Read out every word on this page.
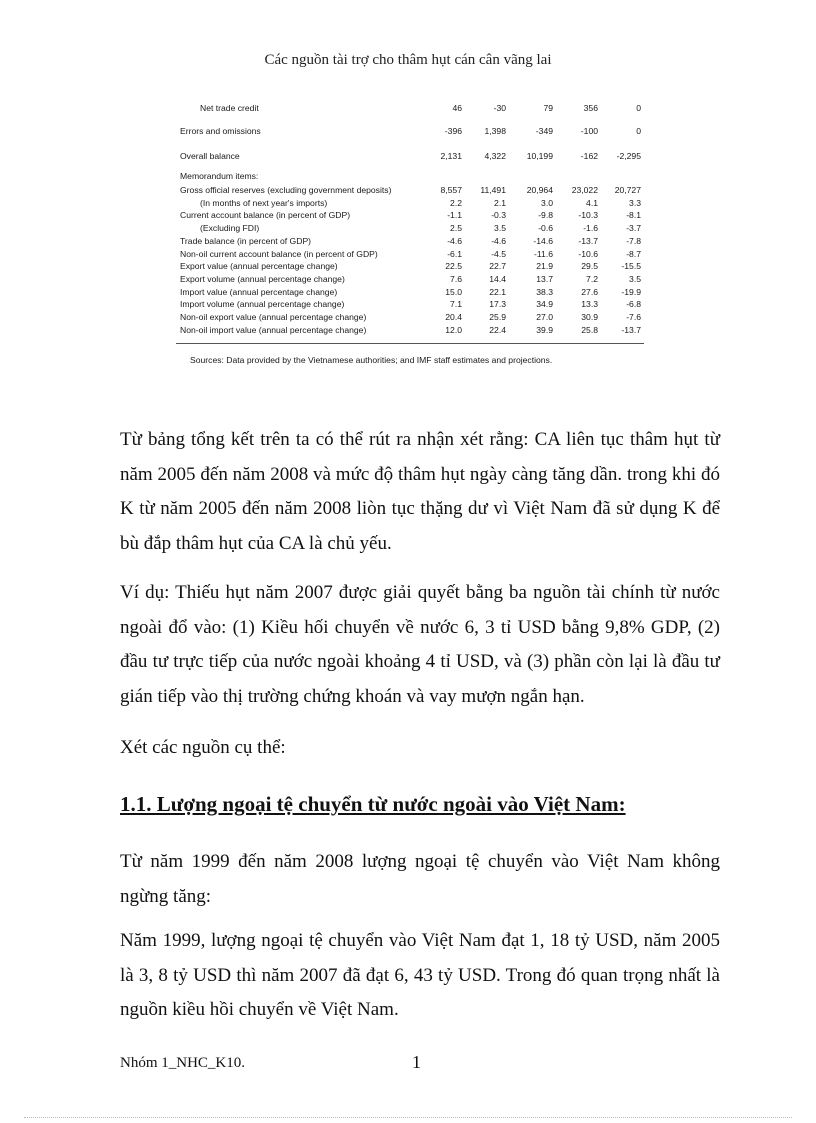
Các nguồn tài trợ cho thâm hụt cán cân vãng lai
Net trade credit	46	-30	79	356	0
Errors and omissions	-396	1,398	-349	-100	0
Overall balance	2,131	4,322	10,199	-162	-2,295
Memorandum items:
Gross official reserves (excluding government deposits)	8,557	11,491	20,964	23,022	20,727
(In months of next year's imports)	2.2	2.1	3.0	4.1	3.3
Current account balance (in percent of GDP)	-1.1	-0.3	-9.8	-10.3	-8.1
(Excluding FDI)	2.5	3.5	-0.6	-1.6	-3.7
Trade balance (in percent of GDP)	-4.6	-4.6	-14.6	-13.7	-7.8
Non-oil current account balance (in percent of GDP)	-6.1	-4.5	-11.6	-10.6	-8.7
Export value (annual percentage change)	22.5	22.7	21.9	29.5	-15.5
Export volume (annual percentage change)	7.6	14.4	13.7	7.2	3.5
Import value (annual percentage change)	15.0	22.1	38.3	27.6	-19.9
Import volume (annual percentage change)	7.1	17.3	34.9	13.3	-6.8
Non-oil export value (annual percentage change)	20.4	25.9	27.0	30.9	-7.6
Non-oil import value (annual percentage change)	12.0	22.4	39.9	25.8	-13.7
Sources: Data provided by the Vietnamese authorities; and IMF staff estimates and projections.

Từ bảng tổng kết trên ta có thể rút ra nhận xét rằng: CA liên tục thâm hụt từ năm 2005 đến năm 2008 và mức độ thâm hụt ngày càng tăng dần. trong khi đó K từ năm 2005 đến năm 2008 liòn tục thặng dư vì Việt Nam đã sử dụng K để bù đắp thâm hụt của CA là chủ yếu.

Ví dụ: Thiếu hụt năm 2007 được giải quyết bằng ba nguồn tài chính từ nước ngoài đổ vào: (1) Kiều hối chuyển về nước 6, 3 tỉ USD bằng 9,8% GDP, (2) đầu tư trực tiếp của nước ngoài khoảng 4 tỉ USD, và (3) phần còn lại là đầu tư gián tiếp vào thị trường chứng khoán và vay mượn ngắn hạn.

Xét các nguồn cụ thể:

1.1. Lượng ngoại tệ chuyển từ nước ngoài vào Việt Nam:

Từ năm 1999 đến năm 2008 lượng ngoại tệ chuyển vào Việt Nam không ngừng tăng:

Năm 1999, lượng ngoại tệ chuyển vào Việt Nam đạt 1, 18 tỷ USD, năm 2005 là 3, 8 tỷ USD thì năm 2007 đã đạt 6, 43 tỷ USD. Trong đó quan trọng nhất là nguồn kiều hồi chuyển về Việt Nam.

Nhóm 1_NHC_K10.	1
